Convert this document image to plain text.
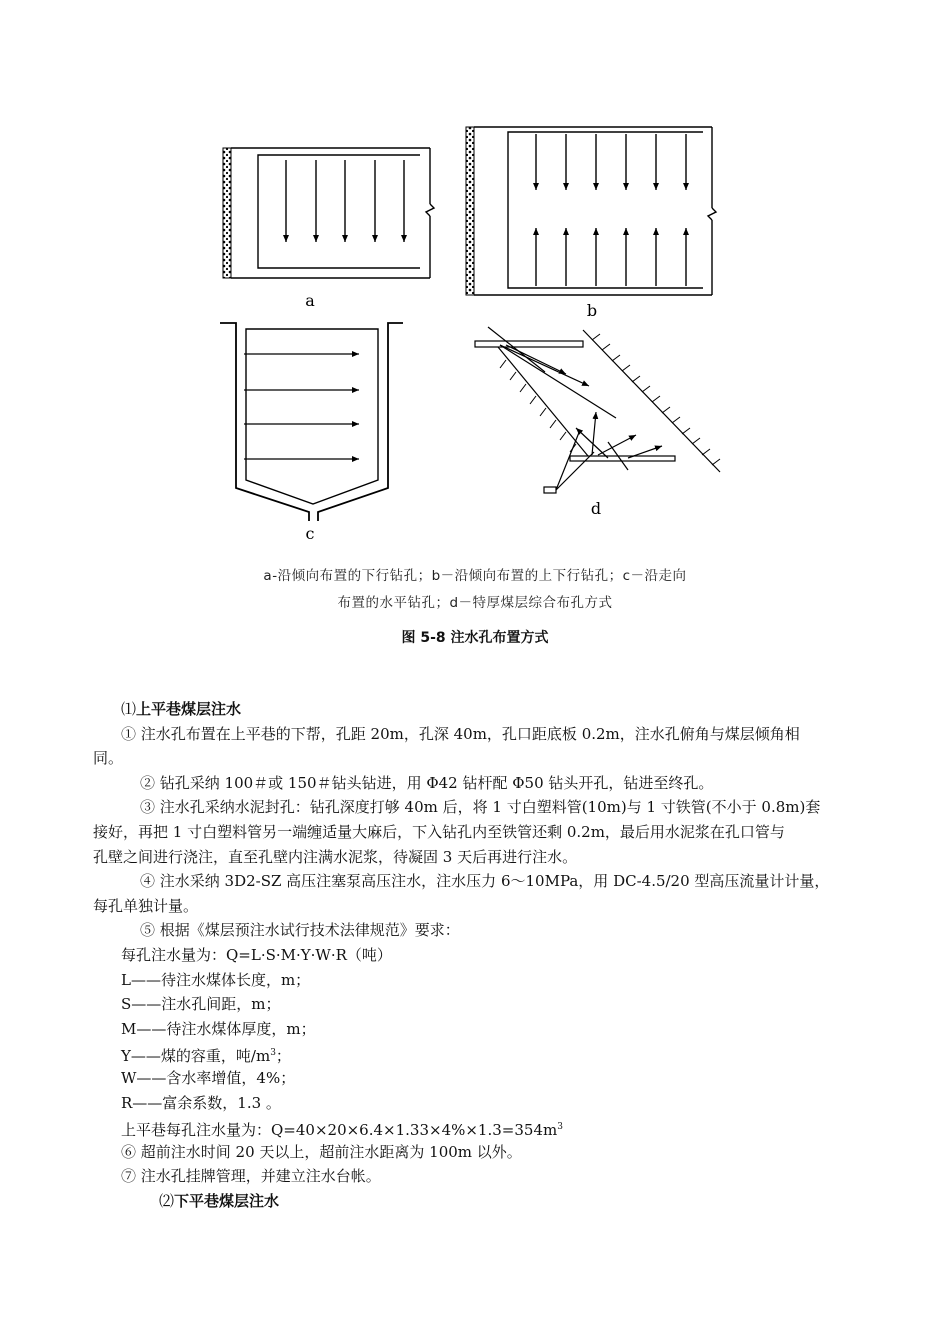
a
b
c
d
a-沿倾向布置的下行钻孔；b－沿倾向布置的上下行钻孔；c－沿走向
布置的水平钻孔；d－特厚煤层综合布孔方式
图 5-8 注水孔布置方式
⑴上平巷煤层注水
① 注水孔布置在上平巷的下帮，孔距 20m，孔深 40m，孔口距底板 0.2m，注水孔俯角与煤层倾角相
同。
② 钻孔采纳 100＃或 150＃钻头钻进，用 Φ42 钻杆配 Φ50 钻头开孔，钻进至终孔。
③ 注水孔采纳水泥封孔：钻孔深度打够 40m 后，将 1 寸白塑料管(10m)与 1 寸铁管(不小于 0.8m)套
接好，再把 1 寸白塑料管另一端缠适量大麻后，下入钻孔内至铁管还剩 0.2m，最后用水泥浆在孔口管与
孔壁之间进行浇注，直至孔壁内注满水泥浆，待凝固 3 天后再进行注水。
④ 注水采纳 3D2-SZ 高压注塞泵高压注水，注水压力 6～10MPa，用 DC-4.5/20 型高压流量计计量，
每孔单独计量。
⑤ 根据《煤层预注水试行技术法律规范》要求：
每孔注水量为：Q=L·S·M·Y·W·R（吨）
L——待注水煤体长度，m；
S——注水孔间距，m；
M——待注水煤体厚度，m；
Y——煤的容重，吨$/m^3$；
W——含水率增值，4%；
R——富余系数，1.3 。
上平巷每孔注水量为：$Q=40\times 20\times 6.4\times 1.33\times 4\%\times 1.3=354m^3$
⑥ 超前注水时间 20 天以上，超前注水距离为 100m 以外。
⑦ 注水孔挂牌管理，并建立注水台帐。
⑵下平巷煤层注水
